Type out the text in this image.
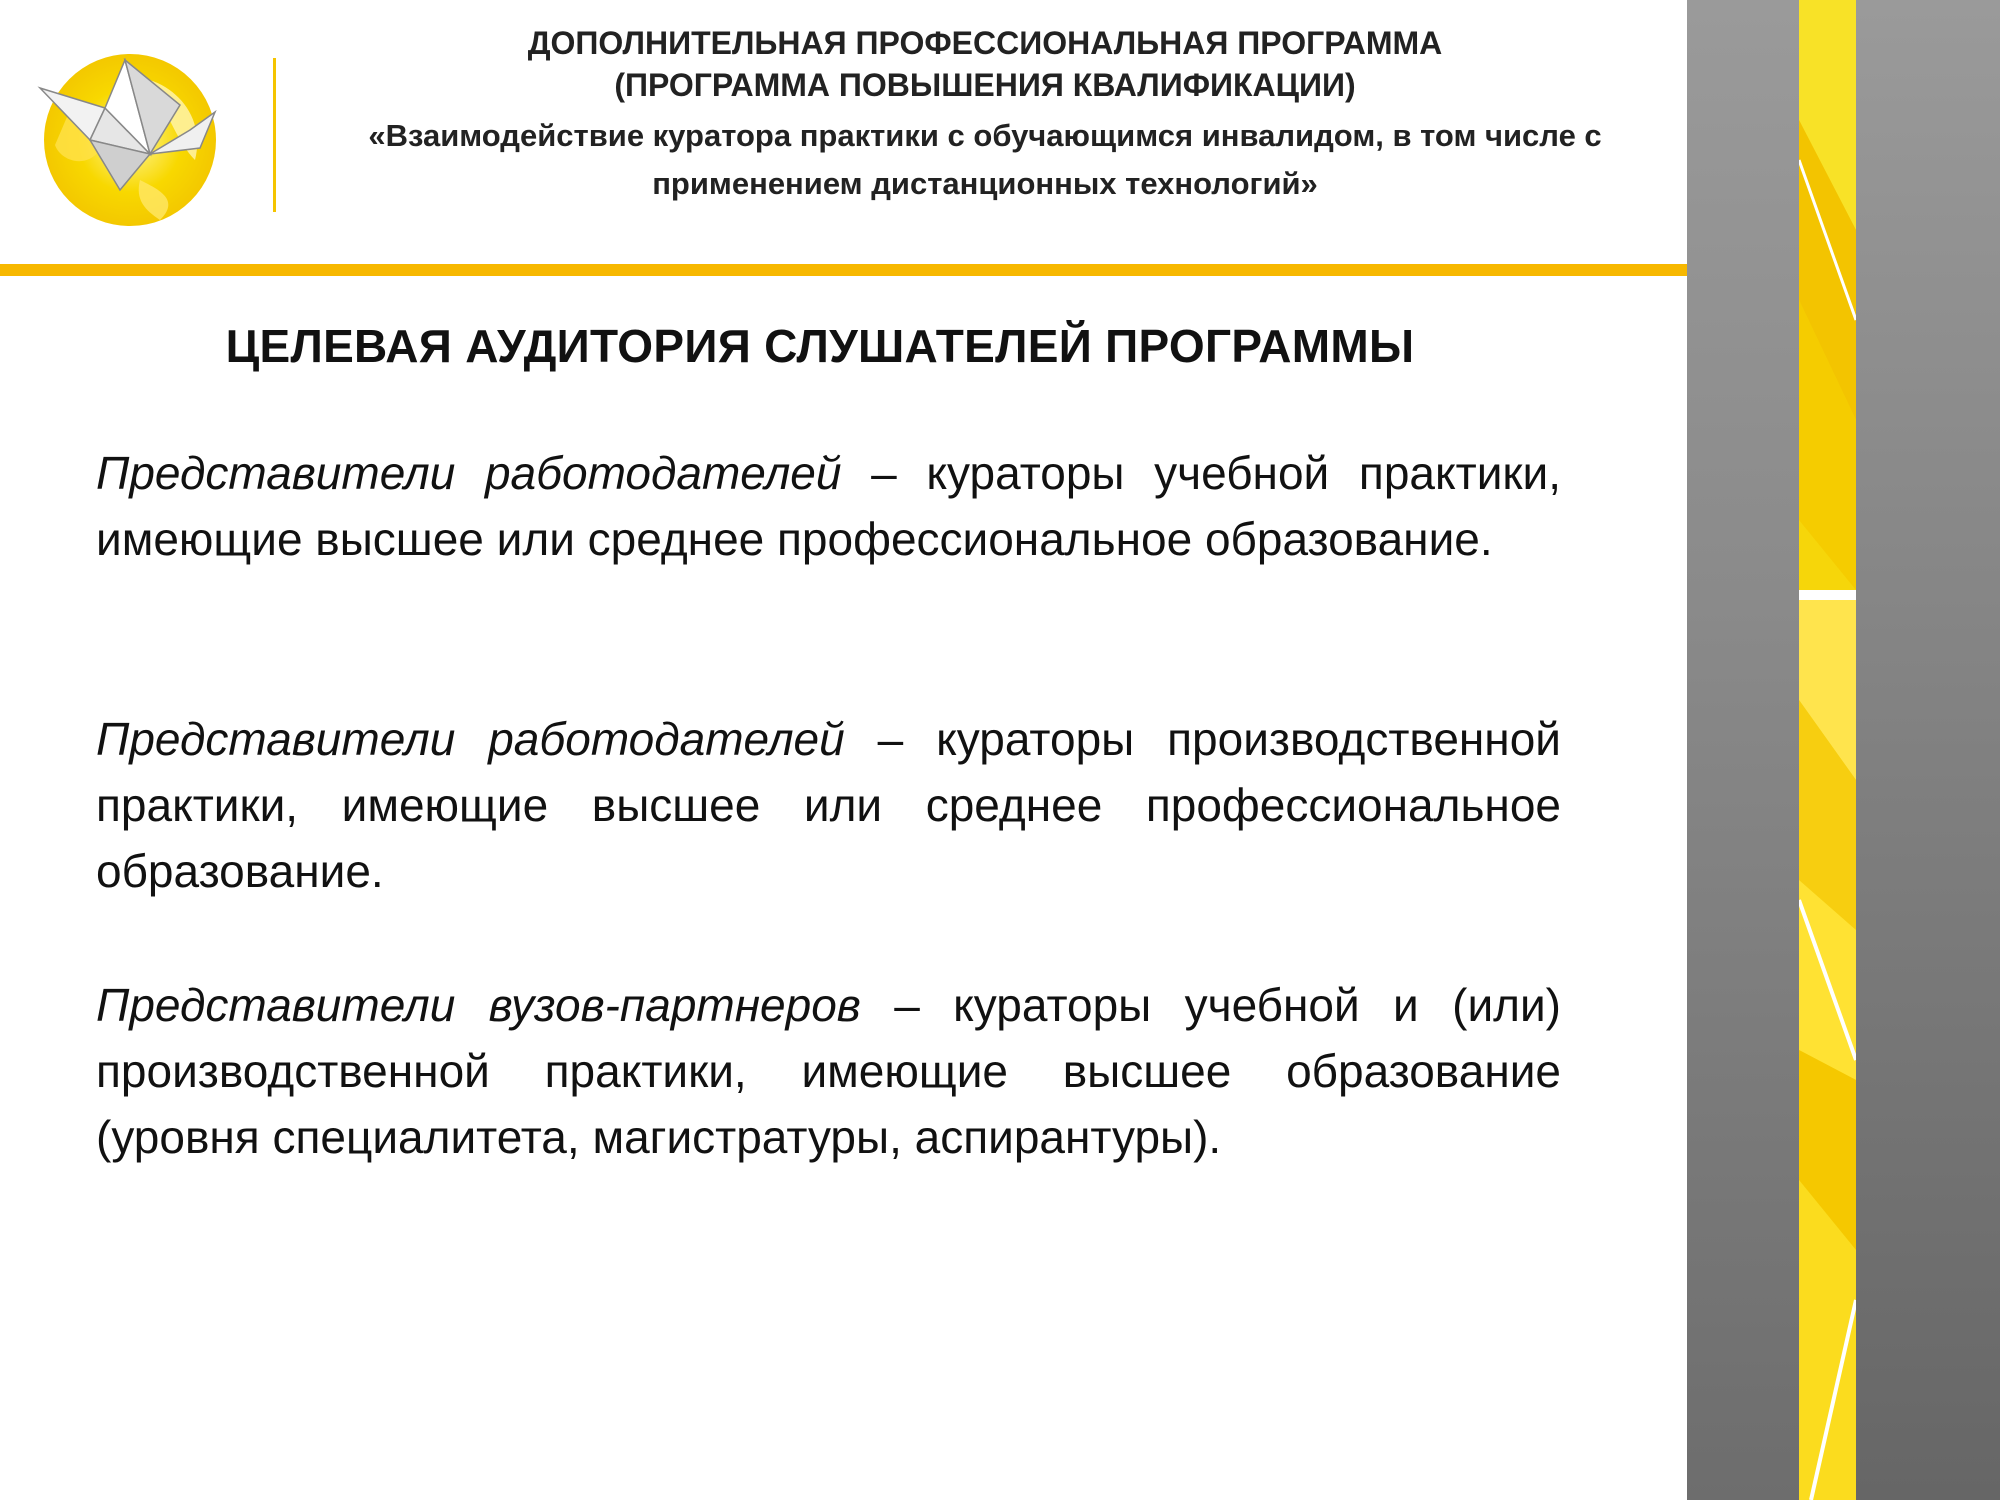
ДОПОЛНИТЕЛЬНАЯ ПРОФЕССИОНАЛЬНАЯ ПРОГРАММА
(ПРОГРАММА ПОВЫШЕНИЯ КВАЛИФИКАЦИИ)
«Взаимодействие куратора практики с обучающимся инвалидом, в том числе с применением дистанционных технологий»
ЦЕЛЕВАЯ АУДИТОРИЯ СЛУШАТЕЛЕЙ ПРОГРАММЫ
Представители работодателей – кураторы учебной практики, имеющие высшее или среднее профессиональное образование.
Представители работодателей – кураторы производственной практики, имеющие высшее или среднее профессиональное образование.
Представители вузов-партнеров – кураторы учебной и (или) производственной практики, имеющие высшее образование (уровня специалитета, магистратуры, аспирантуры).
